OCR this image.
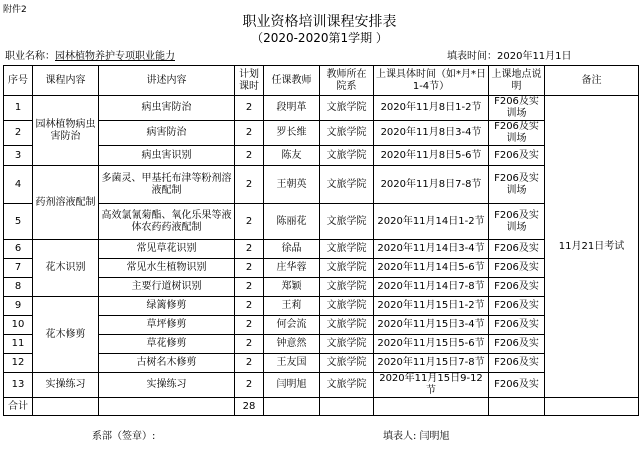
附件2
职业资格培训课程安排表
（2020-2020第1学期 ）
职业名称：园林植物养护专项职业能力	填表时间：2020年11月1日
序号	课程内容	讲述内容	计划课时	任课教师	教师所在院系	上课具体时间（如*月*日 1-4节）	上课地点说明	备注
1	园林植物病虫害防治	病虫害防治	2	段明革	文旅学院	2020年11月8日1-2节	F206及实训场	11月21日考试
2		病害防治	2	罗长维	文旅学院	2020年11月8日3-4节	F206及实训场	
3		病虫害识别	2	陈友	文旅学院	2020年11月8日5-6节	F206及实	
4	药剂溶液配制	多菌灵、甲基托布津等粉剂溶液配制	2	王朝英	文旅学院	2020年11月8日7-8节	F206及实训场	
5		高效氯氰菊酯、氧化乐果等液体农药药液配制	2	陈丽花	文旅学院	2020年11月14日1-2节	F206及实训场	
6	花木识别	常见草花识别	2	徐晶	文旅学院	2020年11月14日3-4节	F206及实	
7		常见水生植物识别	2	庄华蓉	文旅学院	2020年11月14日5-6节	F206及实	
8		主要行道树识别	2	郑颖	文旅学院	2020年11月14日7-8节	F206及实	
9	花木修剪	绿篱修剪	2	王莉	文旅学院	2020年11月15日1-2节	F206及实	
10		草坪修剪	2	何会流	文旅学院	2020年11月15日3-4节	F206及实	
11		草花修剪	2	钟意然	文旅学院	2020年11月15日5-6节	F206及实	
12		古树名木修剪	2	王友国	文旅学院	2020年11月15日7-8节	F206及实	
13	实操练习	实操练习	2	闫明旭	文旅学院	2020年11月15日9-12节	F206及实	
合计			28					
系部（签章）:	填表人: 闫明旭
